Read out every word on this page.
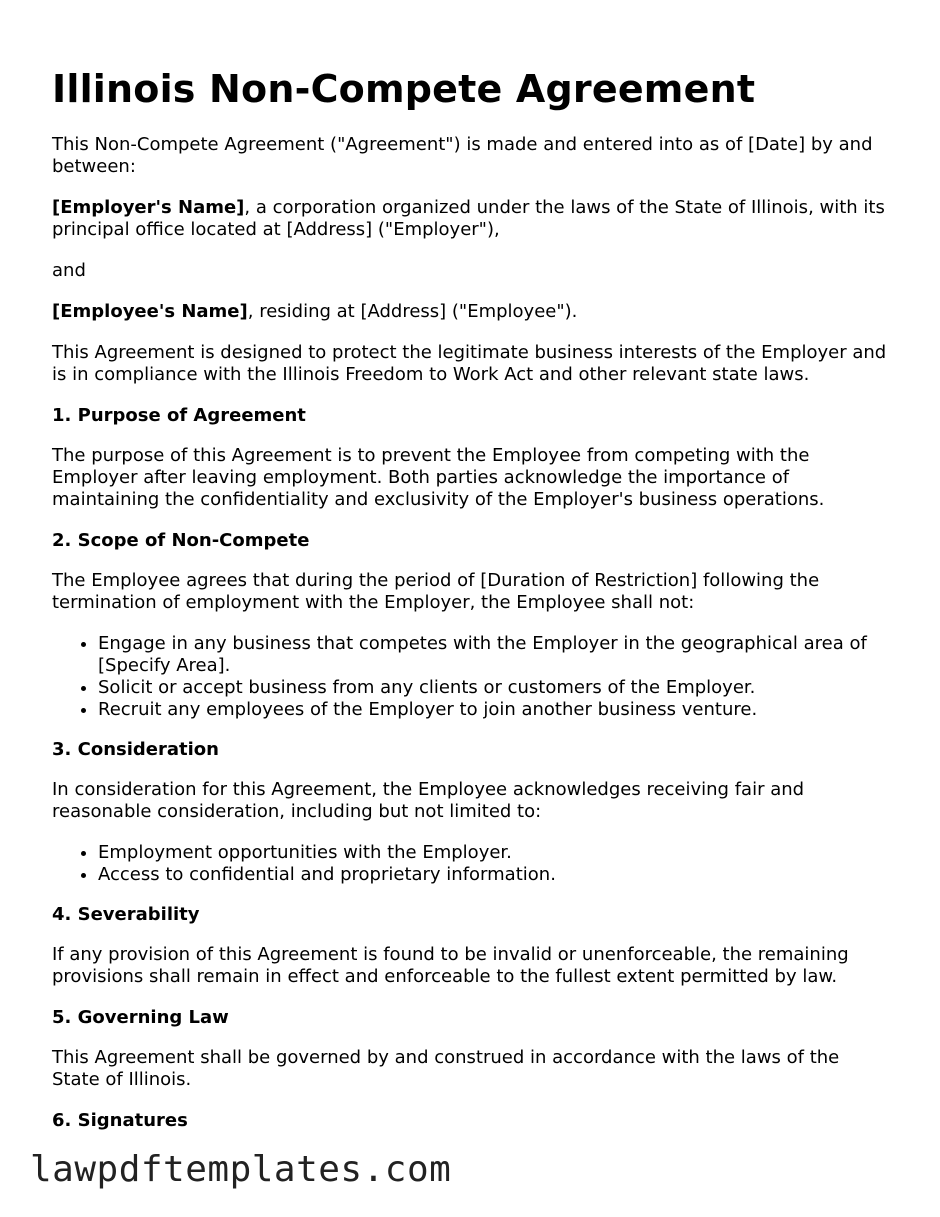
Illinois Non-Compete Agreement

This Non-Compete Agreement ("Agreement") is made and entered into as of [Date] by and between:

[Employer's Name], a corporation organized under the laws of the State of Illinois, with its principal office located at [Address] ("Employer"),

and

[Employee's Name], residing at [Address] ("Employee").

This Agreement is designed to protect the legitimate business interests of the Employer and is in compliance with the Illinois Freedom to Work Act and other relevant state laws.

1. Purpose of Agreement

The purpose of this Agreement is to prevent the Employee from competing with the Employer after leaving employment. Both parties acknowledge the importance of maintaining the confidentiality and exclusivity of the Employer's business operations.

2. Scope of Non-Compete

The Employee agrees that during the period of [Duration of Restriction] following the termination of employment with the Employer, the Employee shall not:

• Engage in any business that competes with the Employer in the geographical area of [Specify Area].
• Solicit or accept business from any clients or customers of the Employer.
• Recruit any employees of the Employer to join another business venture.
3. Consideration

In consideration for this Agreement, the Employee acknowledges receiving fair and reasonable consideration, including but not limited to:

• Employment opportunities with the Employer.
• Access to confidential and proprietary information.
4. Severability

If any provision of this Agreement is found to be invalid or unenforceable, the remaining provisions shall remain in effect and enforceable to the fullest extent permitted by law.

5. Governing Law

This Agreement shall be governed by and construed in accordance with the laws of the State of Illinois.

6. Signatures
lawpdftemplates.com
